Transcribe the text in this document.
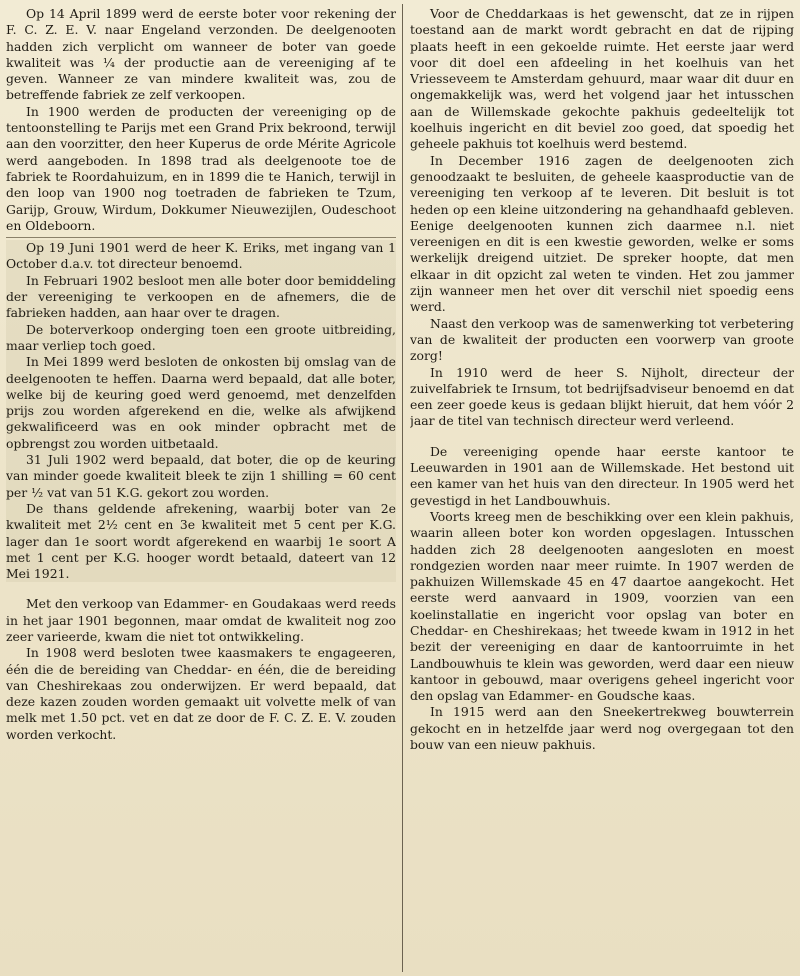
Op 14 April 1899 werd de eerste boter voor rekening der F. C. Z. E. V. naar Engeland verzonden. De deelgenooten hadden zich verplicht om wanneer de boter van goede kwaliteit was ¼ der productie aan de vereeniging af te geven. Wanneer ze van mindere kwaliteit was, zou de betreffende fabriek ze zelf verkoopen.

In 1900 werden de producten der vereeniging op de tentoonstelling te Parijs met een Grand Prix bekroond, terwijl aan den voorzitter, den heer Kuperus de orde Mérite Agricole werd aangeboden. In 1898 trad als deelgenoote toe de fabriek te Roordahuizum, en in 1899 die te Hanich, terwijl in den loop van 1900 nog toetraden de fabrieken te Tzum, Garijp, Grouw, Wirdum, Dokkumer Nieuwezijlen, Oudeschoot en Oldeboorn.

Op 19 Juni 1901 werd de heer K. Eriks, met ingang van 1 October d.a.v. tot directeur benoemd.

In Februari 1902 besloot men alle boter door bemiddeling der vereeniging te verkoopen en de afnemers, die de fabrieken hadden, aan haar over te dragen.

De boterverkoop onderging toen een groote uitbreiding, maar verliep toch goed.

In Mei 1899 werd besloten de onkosten bij omslag van de deelgenooten te heffen. Daarna werd bepaald, dat alle boter, welke bij de keuring goed werd genoemd, met denzelfden prijs zou worden afgerekend en die, welke als afwijkend gekwalificeerd was en ook minder opbracht met de opbrengst zou worden uitbetaald.

31 Juli 1902 werd bepaald, dat boter, die op de keuring van minder goede kwaliteit bleek te zijn 1 shilling = 60 cent per ½ vat van 51 K.G. gekort zou worden.

De thans geldende afrekening, waarbij boter van 2e kwaliteit met 2½ cent en 3e kwaliteit met 5 cent per K.G. lager dan 1e soort wordt afgerekend en waarbij 1e soort A met 1 cent per K.G. hooger wordt betaald, dateert van 12 Mei 1921.

Met den verkoop van Edammer- en Goudakaas werd reeds in het jaar 1901 begonnen, maar omdat de kwaliteit nog zoo zeer varieerde, kwam die niet tot ontwikkeling.

In 1908 werd besloten twee kaasmakers te engageeren, één die de bereiding van Cheddar- en één, die de bereiding van Cheshirekaas zou onderwijzen. Er werd bepaald, dat deze kazen zouden worden gemaakt uit volvette melk of van melk met 1.50 pct. vet en dat ze door de F. C. Z. E. V. zouden worden verkocht.

Voor de Cheddarkaas is het gewenscht, dat ze in rijpen toestand aan de markt wordt gebracht en dat de rijping plaats heeft in een gekoelde ruimte. Het eerste jaar werd voor dit doel een afdeeling in het koelhuis van het Vriesseveem te Amsterdam gehuurd, maar waar dit duur en ongemakkelijk was, werd het volgend jaar het intusschen aan de Willemskade gekochte pakhuis gedeeltelijk tot koelhuis ingericht en dit beviel zoo goed, dat spoedig het geheele pakhuis tot koelhuis werd bestemd.

In December 1916 zagen de deelgenooten zich genoodzaakt te besluiten, de geheele kaasproductie van de vereeniging ten verkoop af te leveren. Dit besluit is tot heden op een kleine uitzondering na gehandhaafd gebleven. Eenige deelgenooten kunnen zich daarmee n.l. niet vereenigen en dit is een kwestie geworden, welke er soms werkelijk dreigend uitziet. De spreker hoopte, dat men elkaar in dit opzicht zal weten te vinden. Het zou jammer zijn wanneer men het over dit verschil niet spoedig eens werd.

Naast den verkoop was de samenwerking tot verbetering van de kwaliteit der producten een voorwerp van groote zorg!

In 1910 werd de heer S. Nijholt, directeur der zuivelfabriek te Irnsum, tot bedrijfsadviseur benoemd en dat een zeer goede keus is gedaan blijkt hieruit, dat hem vóór 2 jaar de titel van technisch directeur werd verleend.

De vereeniging opende haar eerste kantoor te Leeuwarden in 1901 aan de Willemskade. Het bestond uit een kamer van het huis van den directeur. In 1905 werd het gevestigd in het Landbouwhuis.

Voorts kreeg men de beschikking over een klein pakhuis, waarin alleen boter kon worden opgeslagen. Intusschen hadden zich 28 deelgenooten aangesloten en moest rondgezien worden naar meer ruimte. In 1907 werden de pakhuizen Willemskade 45 en 47 daartoe aangekocht. Het eerste werd aanvaard in 1909, voorzien van een koelinstallatie en ingericht voor opslag van boter en Cheddar- en Cheshirekaas; het tweede kwam in 1912 in het bezit der vereeniging en daar de kantoorruimte in het Landbouwhuis te klein was geworden, werd daar een nieuw kantoor in gebouwd, maar overigens geheel ingericht voor den opslag van Edammer- en Goudsche kaas.

In 1915 werd aan den Sneekertrekweg bouwterrein gekocht en in hetzelfde jaar werd nog overgegaan tot den bouw van een nieuw pakhuis.
